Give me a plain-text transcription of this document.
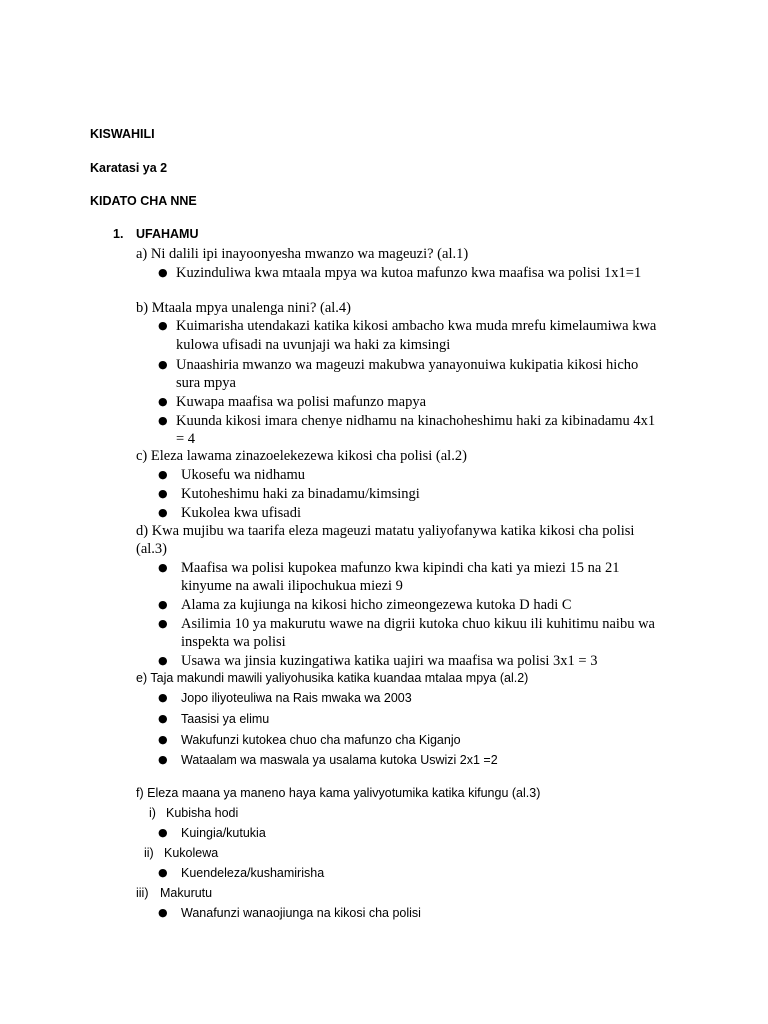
KISWAHILI
Karatasi ya 2
KIDATO CHA NNE
1. UFAHAMU
a) Ni dalili ipi inayoonyesha mwanzo wa mageuzi? (al.1)
● Kuzinduliwa kwa mtaala mpya wa kutoa mafunzo kwa maafisa wa polisi 1x1=1
b) Mtaala mpya unalenga nini? (al.4)
● Kuimarisha utendakazi katika kikosi ambacho kwa muda mrefu kimelaumiwa kwa
kulowa ufisadi na uvunjaji wa haki za kimsingi
● Unaashiria mwanzo wa mageuzi makubwa yanayonuiwa kukipatia kikosi hicho
sura mpya
● Kuwapa maafisa wa polisi mafunzo mapya
● Kuunda kikosi imara chenye nidhamu na kinachoheshimu haki za kibinadamu 4x1
= 4
c) Eleza lawama zinazoelekezewa kikosi cha polisi (al.2)
● Ukosefu wa nidhamu
● Kutoheshimu haki za binadamu/kimsingi
● Kukolea kwa ufisadi
d) Kwa mujibu wa taarifa eleza mageuzi matatu yaliyofanywa katika kikosi cha polisi
(al.3)
● Maafisa wa polisi kupokea mafunzo kwa kipindi cha kati ya miezi 15 na 21
kinyume na awali ilipochukua miezi 9
● Alama za kujiunga na kikosi hicho zimeongezewa kutoka D hadi C
● Asilimia 10 ya makurutu wawe na digrii kutoka chuo kikuu ili kuhitimu naibu wa
inspekta wa polisi
● Usawa wa jinsia kuzingatiwa katika uajiri wa maafisa wa polisi 3x1 = 3
e) Taja makundi mawili yaliyohusika katika kuandaa mtalaa mpya (al.2)
● Jopo iliyoteuliwa na Rais mwaka wa 2003
● Taasisi ya elimu
● Wakufunzi kutokea chuo cha mafunzo cha Kiganjo
● Wataalam wa maswala ya usalama kutoka Uswizi 2x1 =2
f) Eleza maana ya maneno haya kama yalivyotumika katika kifungu (al.3)
i) Kubisha hodi
● Kuingia/kutukia
ii) Kukolewa
● Kuendeleza/kushamirisha
iii) Makurutu
● Wanafunzi wanaojiunga na kikosi cha polisi
